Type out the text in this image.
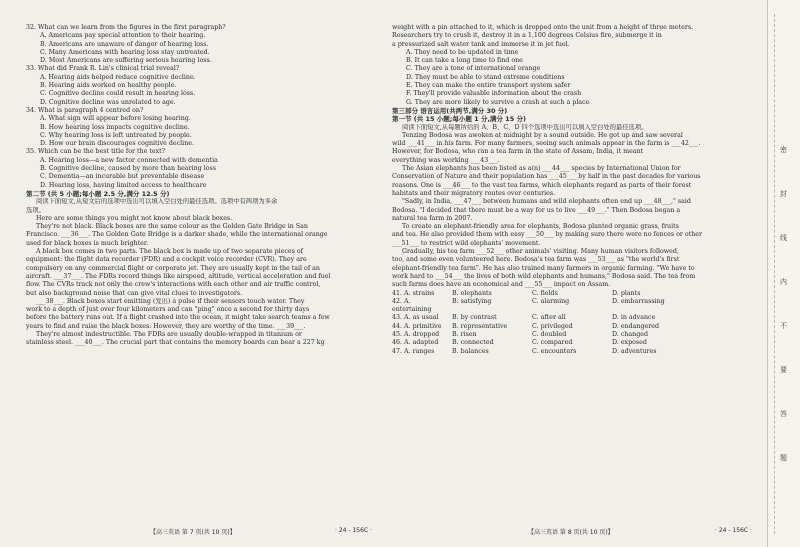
32. What can we learn from the figures in the first paragraph?
A. Americans pay special attention to their hearing.
B. Americans are unaware of danger of hearing loss.
C. Many Americans with hearing loss stay untreated.
D. Most Americans are suffering serious hearing loss.
33. What did Frank R. Lin's clinical trial reveal?
A. Hearing aids helped reduce cognitive decline.
B. Hearing aids worked on healthy people.
C. Cognitive decline could result in hearing loss.
D. Cognitive decline was unrelated to age.
34. What is paragraph 4 centred on?
A. What sign will appear before losing hearing.
B. How hearing loss impacts cognitive decline.
C. Why hearing loss is left untreated by people.
D. How our brain discourages cognitive decline.
35. Which can be the best title for the text?
A. Hearing loss—a new factor connected with dementia
B. Cognitive decline, caused by more than hearing loss
C. Dementia—an incurable but preventable disease
D. Hearing loss, having limited access to healthcare
第二节 (共 5 小题;每小题 2.5 分,满分 12.5 分)
阅读下面短文,从短文后的选项中选出可以填入空白处的最佳选项。选项中有两项为多余
选项。
Here are some things you might not know about black boxes.
They're not black. Black boxes are the same colour as the Golden Gate Bridge in San
Francisco. ___36___. The Golden Gate Bridge is a darker shade, while the international orange
used for black boxes is much brighter.
A black box comes in two parts. The black box is made up of two separate pieces of
equipment: the flight data recorder (FDR) and a cockpit voice recorder (CVR). They are
compulsory on any commercial flight or corporate jet. They are usually kept in the tail of an
aircraft. ___37___. The FDRs record things like airspeed, altitude, vertical acceleration and fuel
flow. The CVRs track not only the crew's interactions with each other and air traffic control,
but also background noise that can give vital clues to investigators.
___38___. Black boxes start emitting (发出) a pulse if their sensors touch water. They
work to a depth of just over four kilometers and can "ping" once a second for thirty days
before the battery runs out. If a flight crashed into the ocean, it might take search teams a few
years to find and raise the black boxes. However, they are worthy of the time. ___39___.
They're almost indestructible. The FDRs are usually double-wrapped in titanium or
stainless steel. ___40___. The crucial part that contains the memory boards can bear a 227 kg
weight with a pin attached to it, which is dropped onto the unit from a height of three meters.
Researchers try to crush it, destroy it in a 1,100 degrees Celsius fire, submerge it in
a pressurized salt water tank and immerse it in jet fuel.
A. They need to be updated in time
B. It can take a long time to find one
C. They are a tone of international orange
D. They must be able to stand extreme conditions
E. They can make the entire transport system safer
F. They'll provide valuable information about the crash
G. They are more likely to survive a crash at such a place
第三部分 语言运用(共两节,满分 30 分)
第一节 (共 15 小题;每小题 1 分,满分 15 分)
阅读下面短文,从每题所给的 A、B、C、D 四个选项中选出可以填入空白处的最佳选项。
Tenzing Bodosa was awoken at midnight by a sound outside. He got up and saw several
wild ___41___ in his farm. For many farmers, seeing such animals appear in the farm is ___42___.
However, for Bodosa, who ran a tea farm in the state of Assam, India, it meant
everything was working ___43___.
The Asian elephants has been listed as a(n) ___44___ species by International Union for
Conservation of Nature and their population has ___45___ by half in the past decades for various
reasons. One is ___46___ to the vast tea farms, which elephants regard as parts of their forest
habitats and their migratory routes over centuries.
"Sadly, in India, ___47___ between humans and wild elephants often end up ___48___," said
Bodosa. "I decided that there must be a way for us to live ___49___." Then Bodosa began a
natural tea farm in 2007.
To create an elephant-friendly area for elephants, Bodosa planted organic grass, fruits
and tea. He also provided them with easy ___50___ by making sure there were no fences or other
___51___ to restrict wild elephants' movement.
Gradually, his tea farm ___52___ other animals' visiting. Many human visitors followed,
too, and some even volunteered here. Bodosa's tea farm was ___53___ as "the world's first
elephant-friendly tea farm". He has also trained many farmers in organic farming. "We have to
work hard to ___54___ the lives of both wild elephants and humans," Bodosa said. The tea from
such farms does have an economical and ___55___ impact on Assam.
41. A. strains	B. elephants	C. fields	D. plants
42. A. entertaining
B. satisfying	C. alarming	D. embarrassing
43. A. as usual	B. by contrast	C. after all	D. in advance
44. A. primitive	B. representative	C. privileged	D. endangered
45. A. dropped	B. risen	C. doubled	D. changed
46. A. adapted	B. connected	C. compared	D. exposed
47. A. ranges	B. balances	C. encounters	D. adventures
【高三英语 第 7 页(共 10 页)】	· 24 - 156C ·	【高三英语 第 8 页(共 10 页)】	· 24 - 156C ·
密
封
线
内
不
要
答
题
